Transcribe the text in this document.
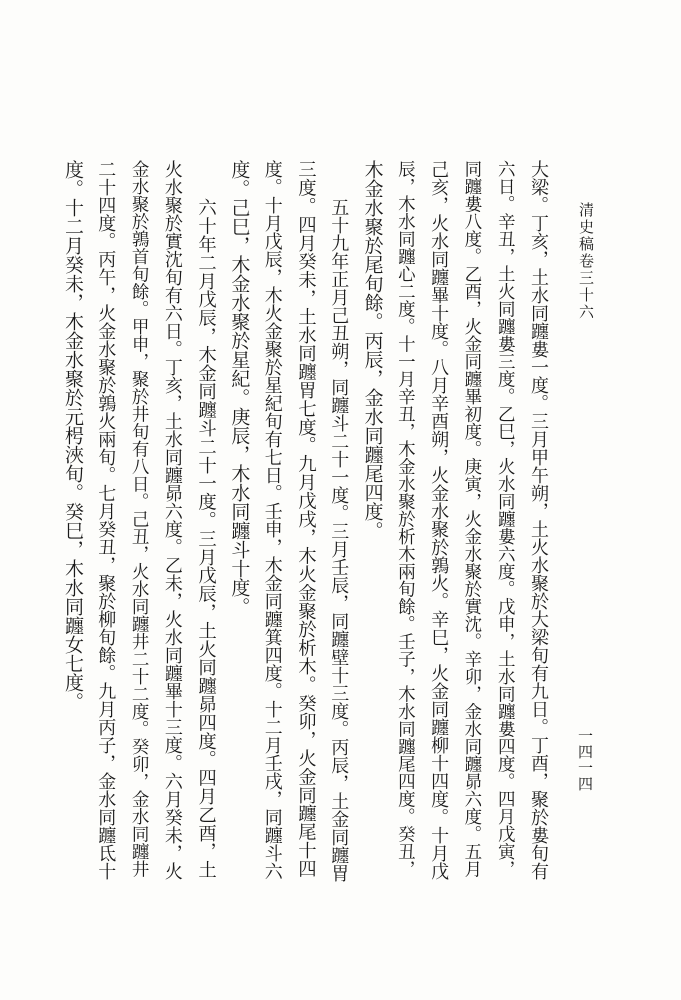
清史稿卷三十六
一四一四
大梁。丁亥，土水同躔婁一度。三月甲午朔，土火水聚於大梁旬有九日。丁酉，聚於婁旬有
六日。辛丑，土火同躔婁三度。乙巳，火水同躔婁六度。戊申，土水同躔婁四度。四月戊寅，
同躔婁八度。乙酉，火金同躔畢初度。庚寅，火金水聚於實沈。辛卯，金水同躔昴六度。五月
己亥，火水同躔畢十度。八月辛酉朔，火金水聚於鶉火。辛巳，火金同躔柳十四度。十月戊
辰，木水同躔心二度。十一月辛丑，木金水聚於析木兩旬餘。壬子，木水同躔尾四度。癸丑，
木金水聚於尾旬餘。丙辰，金水同躔尾四度。
五十九年正月己丑朔，同躔斗二十一度。三月壬辰，同躔壁十三度。丙辰，土金同躔胃
三度。四月癸未，土水同躔胃七度。九月戊戌，木火金聚於析木。癸卯，火金同躔尾十四
度。十月戊辰，木火金聚於星紀旬有七日。壬申，木金同躔箕四度。十二月壬戌，同躔斗六
度。己巳，木金水聚於星紀。庚辰，木水同躔斗十度。
六十年二月戊辰，木金同躔斗二十一度。三月戊辰，土火同躔昴四度。四月乙酉，土
火水聚於實沈旬有六日。丁亥，土水同躔昴六度。乙未，火水同躔畢十三度。六月癸未，火
金水聚於鶉首旬餘。甲申，聚於井旬有八日。己丑，火水同躔井二十二度。癸卯，金水同躔井
二十四度。丙午，火金水聚於鶉火兩旬。七月癸丑，聚於柳旬餘。九月丙子，金水同躔氐十
度。十二月癸未，木金水聚於元枵浹旬。癸巳，木水同躔女七度。
